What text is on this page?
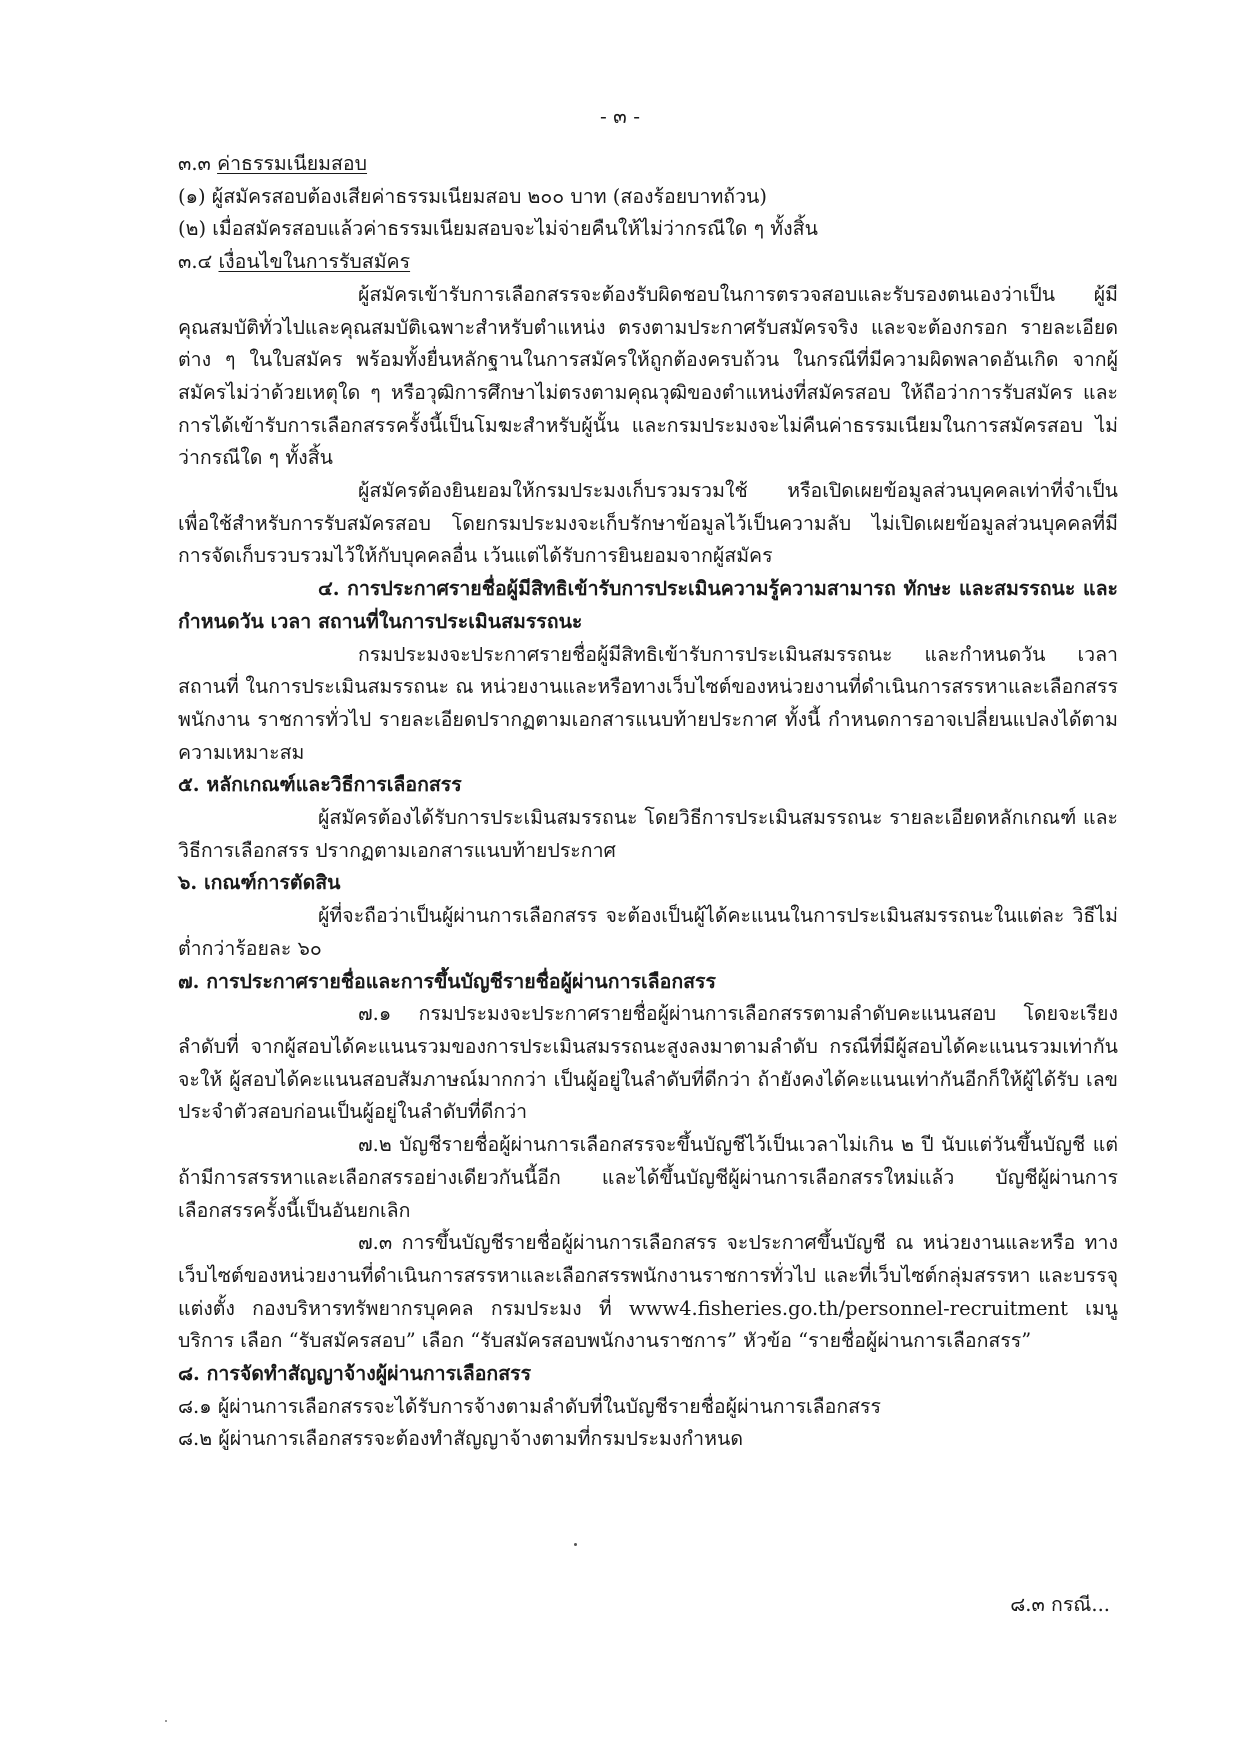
- ๓ -

๓.๓ ค่าธรรมเนียมสอบ

(๑) ผู้สมัครสอบต้องเสียค่าธรรมเนียมสอบ ๒๐๐ บาท (สองร้อยบาทถ้วน)

(๒) เมื่อสมัครสอบแล้วค่าธรรมเนียมสอบจะไม่จ่ายคืนให้ไม่ว่ากรณีใด ๆ ทั้งสิ้น

๓.๔ เงื่อนไขในการรับสมัคร

ผู้สมัครเข้ารับการเลือกสรรจะต้องรับผิดชอบในการตรวจสอบและรับรองตนเองว่าเป็น ผู้มีคุณสมบัติทั่วไปและคุณสมบัติเฉพาะสำหรับตำแหน่ง ตรงตามประกาศรับสมัครจริง และจะต้องกรอก รายละเอียดต่าง ๆ ในใบสมัคร พร้อมทั้งยื่นหลักฐานในการสมัครให้ถูกต้องครบถ้วน ในกรณีที่มีความผิดพลาดอันเกิด จากผู้สมัครไม่ว่าด้วยเหตุใด ๆ หรือวุฒิการศึกษาไม่ตรงตามคุณวุฒิของตำแหน่งที่สมัครสอบ ให้ถือว่าการรับสมัคร และการได้เข้ารับการเลือกสรรครั้งนี้เป็นโมฆะสำหรับผู้นั้น และกรมประมงจะไม่คืนค่าธรรมเนียมในการสมัครสอบ ไม่ว่ากรณีใด ๆ ทั้งสิ้น

ผู้สมัครต้องยินยอมให้กรมประมงเก็บรวมรวมใช้ หรือเปิดเผยข้อมูลส่วนบุคคลเท่าที่จำเป็น เพื่อใช้สำหรับการรับสมัครสอบ โดยกรมประมงจะเก็บรักษาข้อมูลไว้เป็นความลับ ไม่เปิดเผยข้อมูลส่วนบุคคลที่มี การจัดเก็บรวบรวมไว้ให้กับบุคคลอื่น เว้นแต่ได้รับการยินยอมจากผู้สมัคร

๔. การประกาศรายชื่อผู้มีสิทธิเข้ารับการประเมินความรู้ความสามารถ ทักษะ และสมรรถนะ และกำหนดวัน เวลา สถานที่ในการประเมินสมรรถนะ

กรมประมงจะประกาศรายชื่อผู้มีสิทธิเข้ารับการประเมินสมรรถนะ และกำหนดวัน เวลา สถานที่ ในการประเมินสมรรถนะ ณ หน่วยงานและหรือทางเว็บไซต์ของหน่วยงานที่ดำเนินการสรรหาและเลือกสรรพนักงาน ราชการทั่วไป รายละเอียดปรากฏตามเอกสารแนบท้ายประกาศ ทั้งนี้ กำหนดการอาจเปลี่ยนแปลงได้ตามความเหมาะสม

๕. หลักเกณฑ์และวิธีการเลือกสรร

ผู้สมัครต้องได้รับการประเมินสมรรถนะ โดยวิธีการประเมินสมรรถนะ รายละเอียดหลักเกณฑ์ และวิธีการเลือกสรร ปรากฏตามเอกสารแนบท้ายประกาศ

๖. เกณฑ์การตัดสิน

ผู้ที่จะถือว่าเป็นผู้ผ่านการเลือกสรร จะต้องเป็นผู้ได้คะแนนในการประเมินสมรรถนะในแต่ละ วิธีไม่ต่ำกว่าร้อยละ ๖๐

๗. การประกาศรายชื่อและการขึ้นบัญชีรายชื่อผู้ผ่านการเลือกสรร

๗.๑ กรมประมงจะประกาศรายชื่อผู้ผ่านการเลือกสรรตามลำดับคะแนนสอบ โดยจะเรียงลำดับที่ จากผู้สอบได้คะแนนรวมของการประเมินสมรรถนะสูงลงมาตามลำดับ กรณีที่มีผู้สอบได้คะแนนรวมเท่ากันจะให้ ผู้สอบได้คะแนนสอบสัมภาษณ์มากกว่า เป็นผู้อยู่ในลำดับที่ดีกว่า ถ้ายังคงได้คะแนนเท่ากันอีกก็ให้ผู้ได้รับ เลขประจำตัวสอบก่อนเป็นผู้อยู่ในลำดับที่ดีกว่า

๗.๒ บัญชีรายชื่อผู้ผ่านการเลือกสรรจะขึ้นบัญชีไว้เป็นเวลาไม่เกิน ๒ ปี นับแต่วันขึ้นบัญชี แต่ถ้ามีการสรรหาและเลือกสรรอย่างเดียวกันนี้อีก และได้ขึ้นบัญชีผู้ผ่านการเลือกสรรใหม่แล้ว บัญชีผู้ผ่านการ เลือกสรรครั้งนี้เป็นอันยกเลิก

๗.๓ การขึ้นบัญชีรายชื่อผู้ผ่านการเลือกสรร จะประกาศขึ้นบัญชี ณ หน่วยงานและหรือ ทางเว็บไซต์ของหน่วยงานที่ดำเนินการสรรหาและเลือกสรรพนักงานราชการทั่วไป และที่เว็บไซต์กลุ่มสรรหา และบรรจุแต่งตั้ง กองบริหารทรัพยากรบุคคล กรมประมง ที่ www4.fisheries.go.th/personnel-recruitment เมนูบริการ เลือก “รับสมัครสอบ” เลือก “รับสมัครสอบพนักงานราชการ” หัวข้อ “รายชื่อผู้ผ่านการเลือกสรร”

๘. การจัดทำสัญญาจ้างผู้ผ่านการเลือกสรร

๘.๑ ผู้ผ่านการเลือกสรรจะได้รับการจ้างตามลำดับที่ในบัญชีรายชื่อผู้ผ่านการเลือกสรร

๘.๒ ผู้ผ่านการเลือกสรรจะต้องทำสัญญาจ้างตามที่กรมประมงกำหนด

๘.๓ กรณี...
